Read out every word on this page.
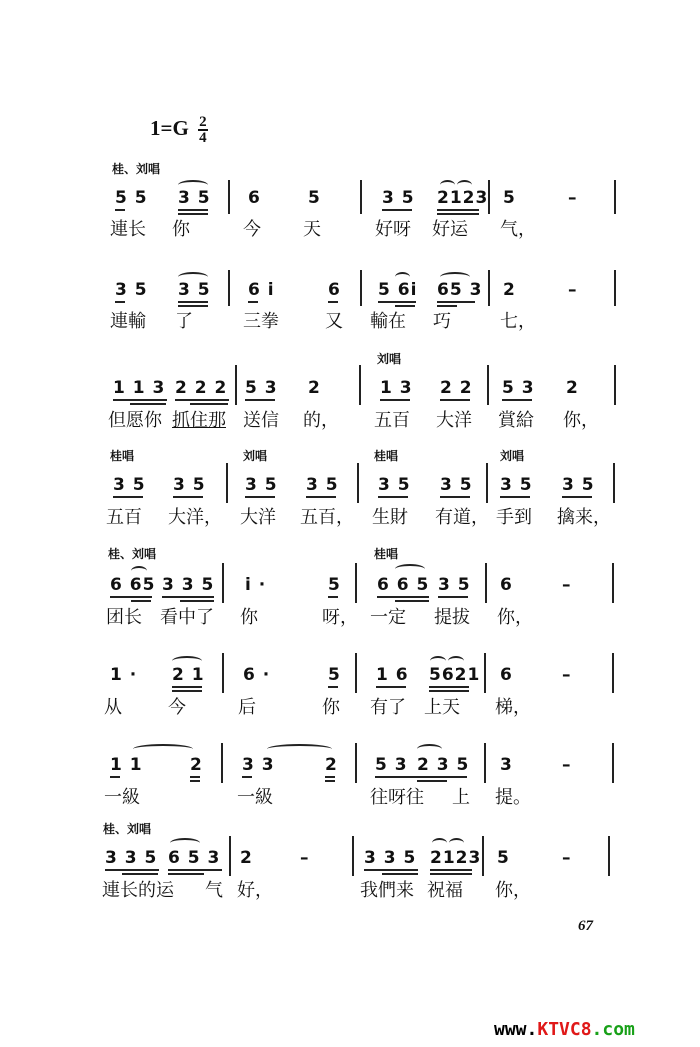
$1=G \frac{2}{4}$
桂、刘唱
5 5 3 5 6	5	3 5 2123 5	–
連长 你	今 天	好呀 好运 气，
3 5 3 5 6 i	6 5 6i 65 3 2	–
連輸 了	三拳	又 輸在 巧	七，
刘唱
1 1 3 2 2 2 5 3 2	1 3 2 2 5 3 2
但愿你 抓住那 送信 的， 五百 大洋 賞給 你，
桂唱	刘唱	桂唱	刘唱
3 5 3 5 3 5 3 5 3 5 3 5 3 5 3 5
五百 大洋， 大洋 五百， 生財 有道， 手到 擒来，
桂、刘唱	桂唱
6 65 3 3 5 i ·	5 6 6 5 3 5 6	–
团长 看中了 你	呀， 一定 提拔 你，
1 · 2 1 6 ·	5 1 6 5621 6	–
从	今	后	你 有了 上天 梯，
1 1	2 3 3	2 5 3 2 3 5 3	–
一級	一級	往呀往 上 提。
桂、刘唱
3 3 5 6 5 3 2	–	3 3 5 2123 5	–
連长的运 气 好，	我們来 祝福 你，
67
www.KTVC8.com
